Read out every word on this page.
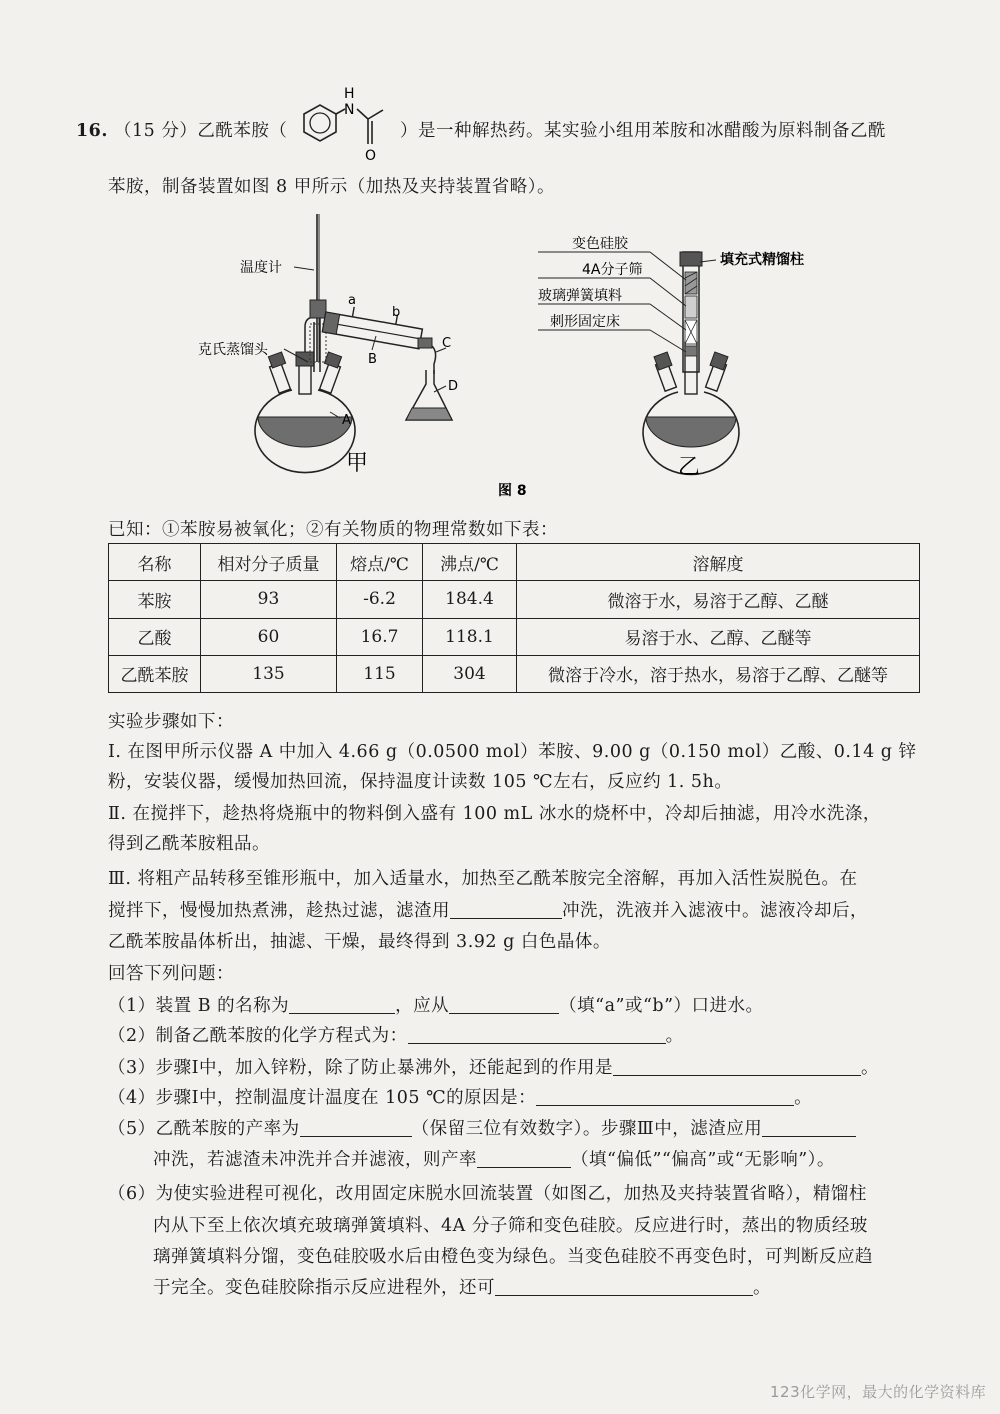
16. （15 分）乙酰苯胺（
H
N
O
）是一种解热药。某实验小组用苯胺和冰醋酸为原料制备乙酰
苯胺，制备装置如图 8 甲所示（加热及夹持装置省略）。
温度计
克氏蒸馏头
a
b
B
C
D
A
甲
变色硅胶
4A分子筛
玻璃弹簧填料
刺形固定床
填充式精馏柱
乙
图 8
已知：①苯胺易被氧化；②有关物质的物理常数如下表：
名称	相对分子质量	熔点/℃	沸点/℃	溶解度
苯胺	93	-6.2	184.4	微溶于水，易溶于乙醇、乙醚
乙酸	60	16.7	118.1	易溶于水、乙醇、乙醚等
乙酰苯胺	135	115	304	微溶于冷水，溶于热水，易溶于乙醇、乙醚等
实验步骤如下：
Ⅰ. 在图甲所示仪器 A 中加入 4.66 g（0.0500 mol）苯胺、9.00 g（0.150 mol）乙酸、0.14 g 锌
粉，安装仪器，缓慢加热回流，保持温度计读数 105 ℃左右，反应约 1. 5h。
Ⅱ. 在搅拌下，趁热将烧瓶中的物料倒入盛有 100 mL 冰水的烧杯中，冷却后抽滤，用冷水洗涤，
得到乙酰苯胺粗品。
Ⅲ. 将粗产品转移至锥形瓶中，加入适量水，加热至乙酰苯胺完全溶解，再加入活性炭脱色。在
搅拌下，慢慢加热煮沸，趁热过滤，滤渣用	冲洗，洗液并入滤液中。滤液冷却后，
乙酰苯胺晶体析出，抽滤、干燥，最终得到 3.92 g 白色晶体。
回答下列问题：
（1）装置 B 的名称为	，应从	（填“a”或“b”）口进水。
（2）制备乙酰苯胺的化学方程式为：	。
（3）步骤Ⅰ中，加入锌粉，除了防止暴沸外，还能起到的作用是	。
（4）步骤Ⅰ中，控制温度计温度在 105 ℃的原因是：	。
（5）乙酰苯胺的产率为	（保留三位有效数字）。步骤Ⅲ中，滤渣应用
冲洗，若滤渣未冲洗并合并滤液，则产率	（填“偏低”“偏高”或“无影响”）。
（6）为使实验进程可视化，改用固定床脱水回流装置（如图乙，加热及夹持装置省略），精馏柱
内从下至上依次填充玻璃弹簧填料、4A 分子筛和变色硅胶。反应进行时，蒸出的物质经玻
璃弹簧填料分馏，变色硅胶吸水后由橙色变为绿色。当变色硅胶不再变色时，可判断反应趋
于完全。变色硅胶除指示反应进程外，还可	。
123化学网，最大的化学资料库
